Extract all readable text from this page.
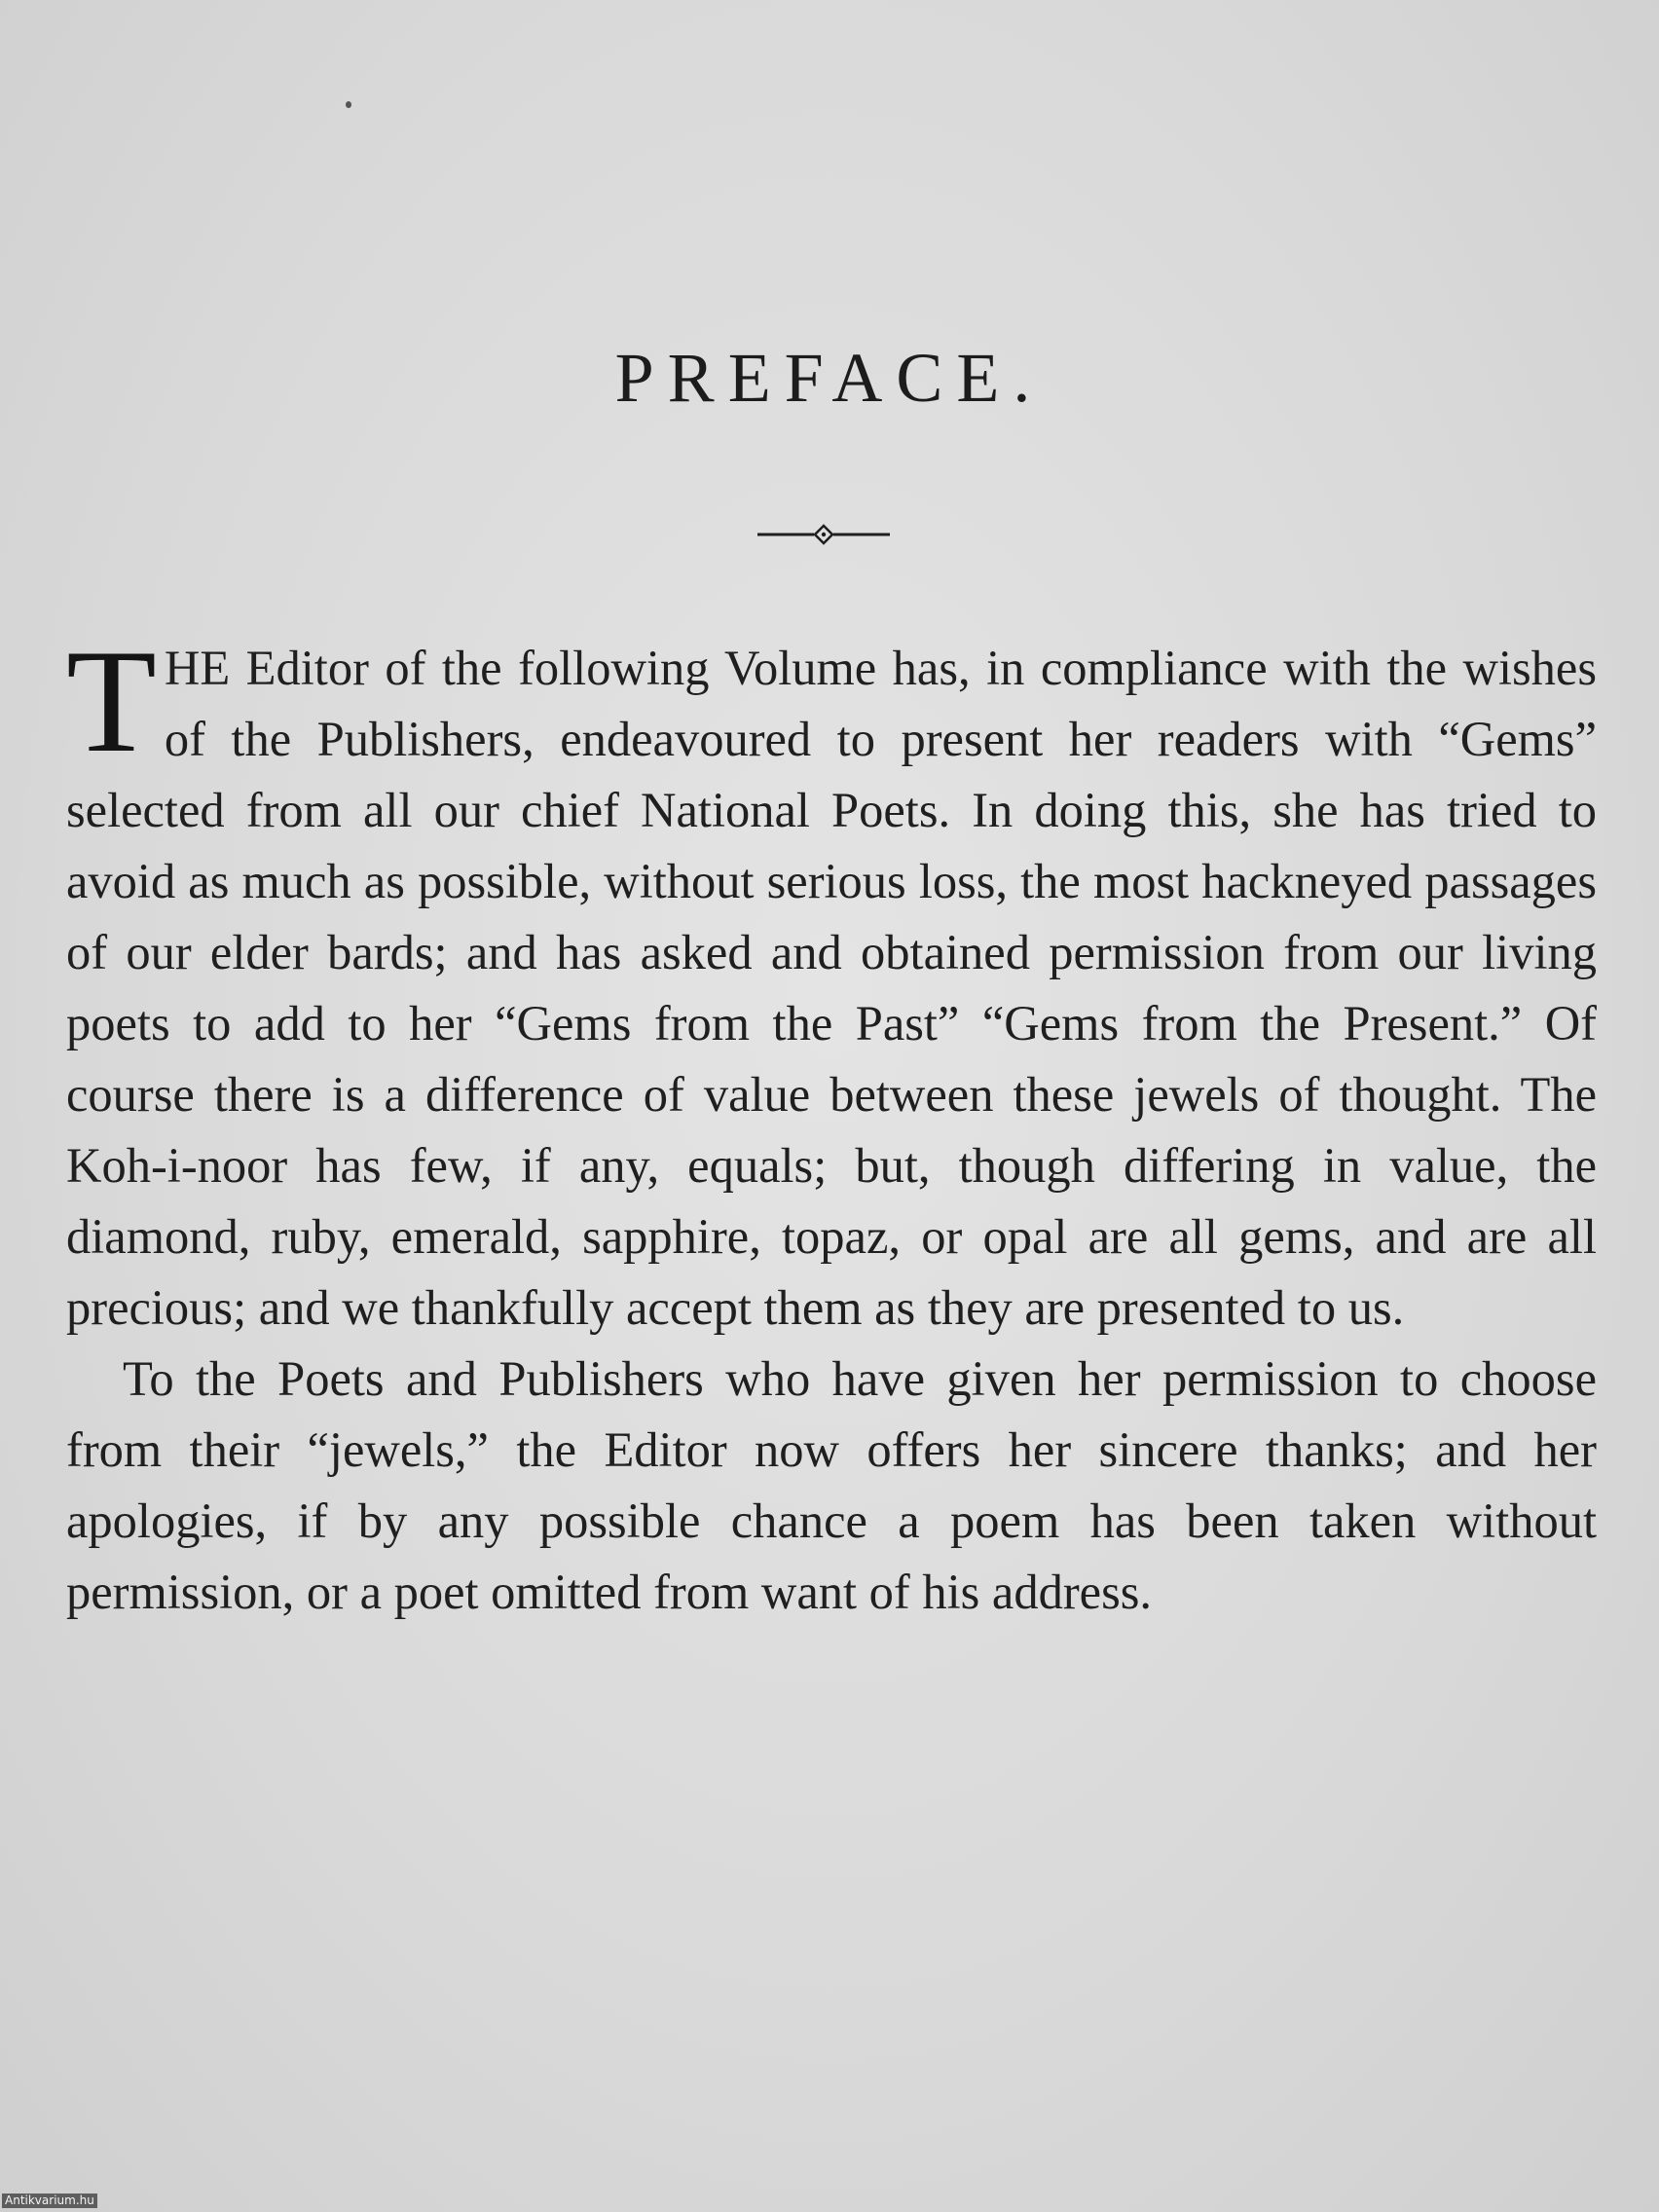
PREFACE.

THE Editor of the following Volume has, in compliance with the wishes of the Publishers, endeavoured to present her readers with “Gems” selected from all our chief National Poets. In doing this, she has tried to avoid as much as possible, without serious loss, the most hackneyed passages of our elder bards; and has asked and obtained permission from our living poets to add to her “Gems from the Past” “Gems from the Present.” Of course there is a difference of value between these jewels of thought. The Koh-i-noor has few, if any, equals; but, though differing in value, the diamond, ruby, emerald, sapphire, topaz, or opal are all gems, and are all precious; and we thankfully accept them as they are presented to us.

To the Poets and Publishers who have given her permission to choose from their “jewels,” the Editor now offers her sincere thanks; and her apologies, if by any possible chance a poem has been taken without permission, or a poet omitted from want of his address.

Antikvarium.hu
